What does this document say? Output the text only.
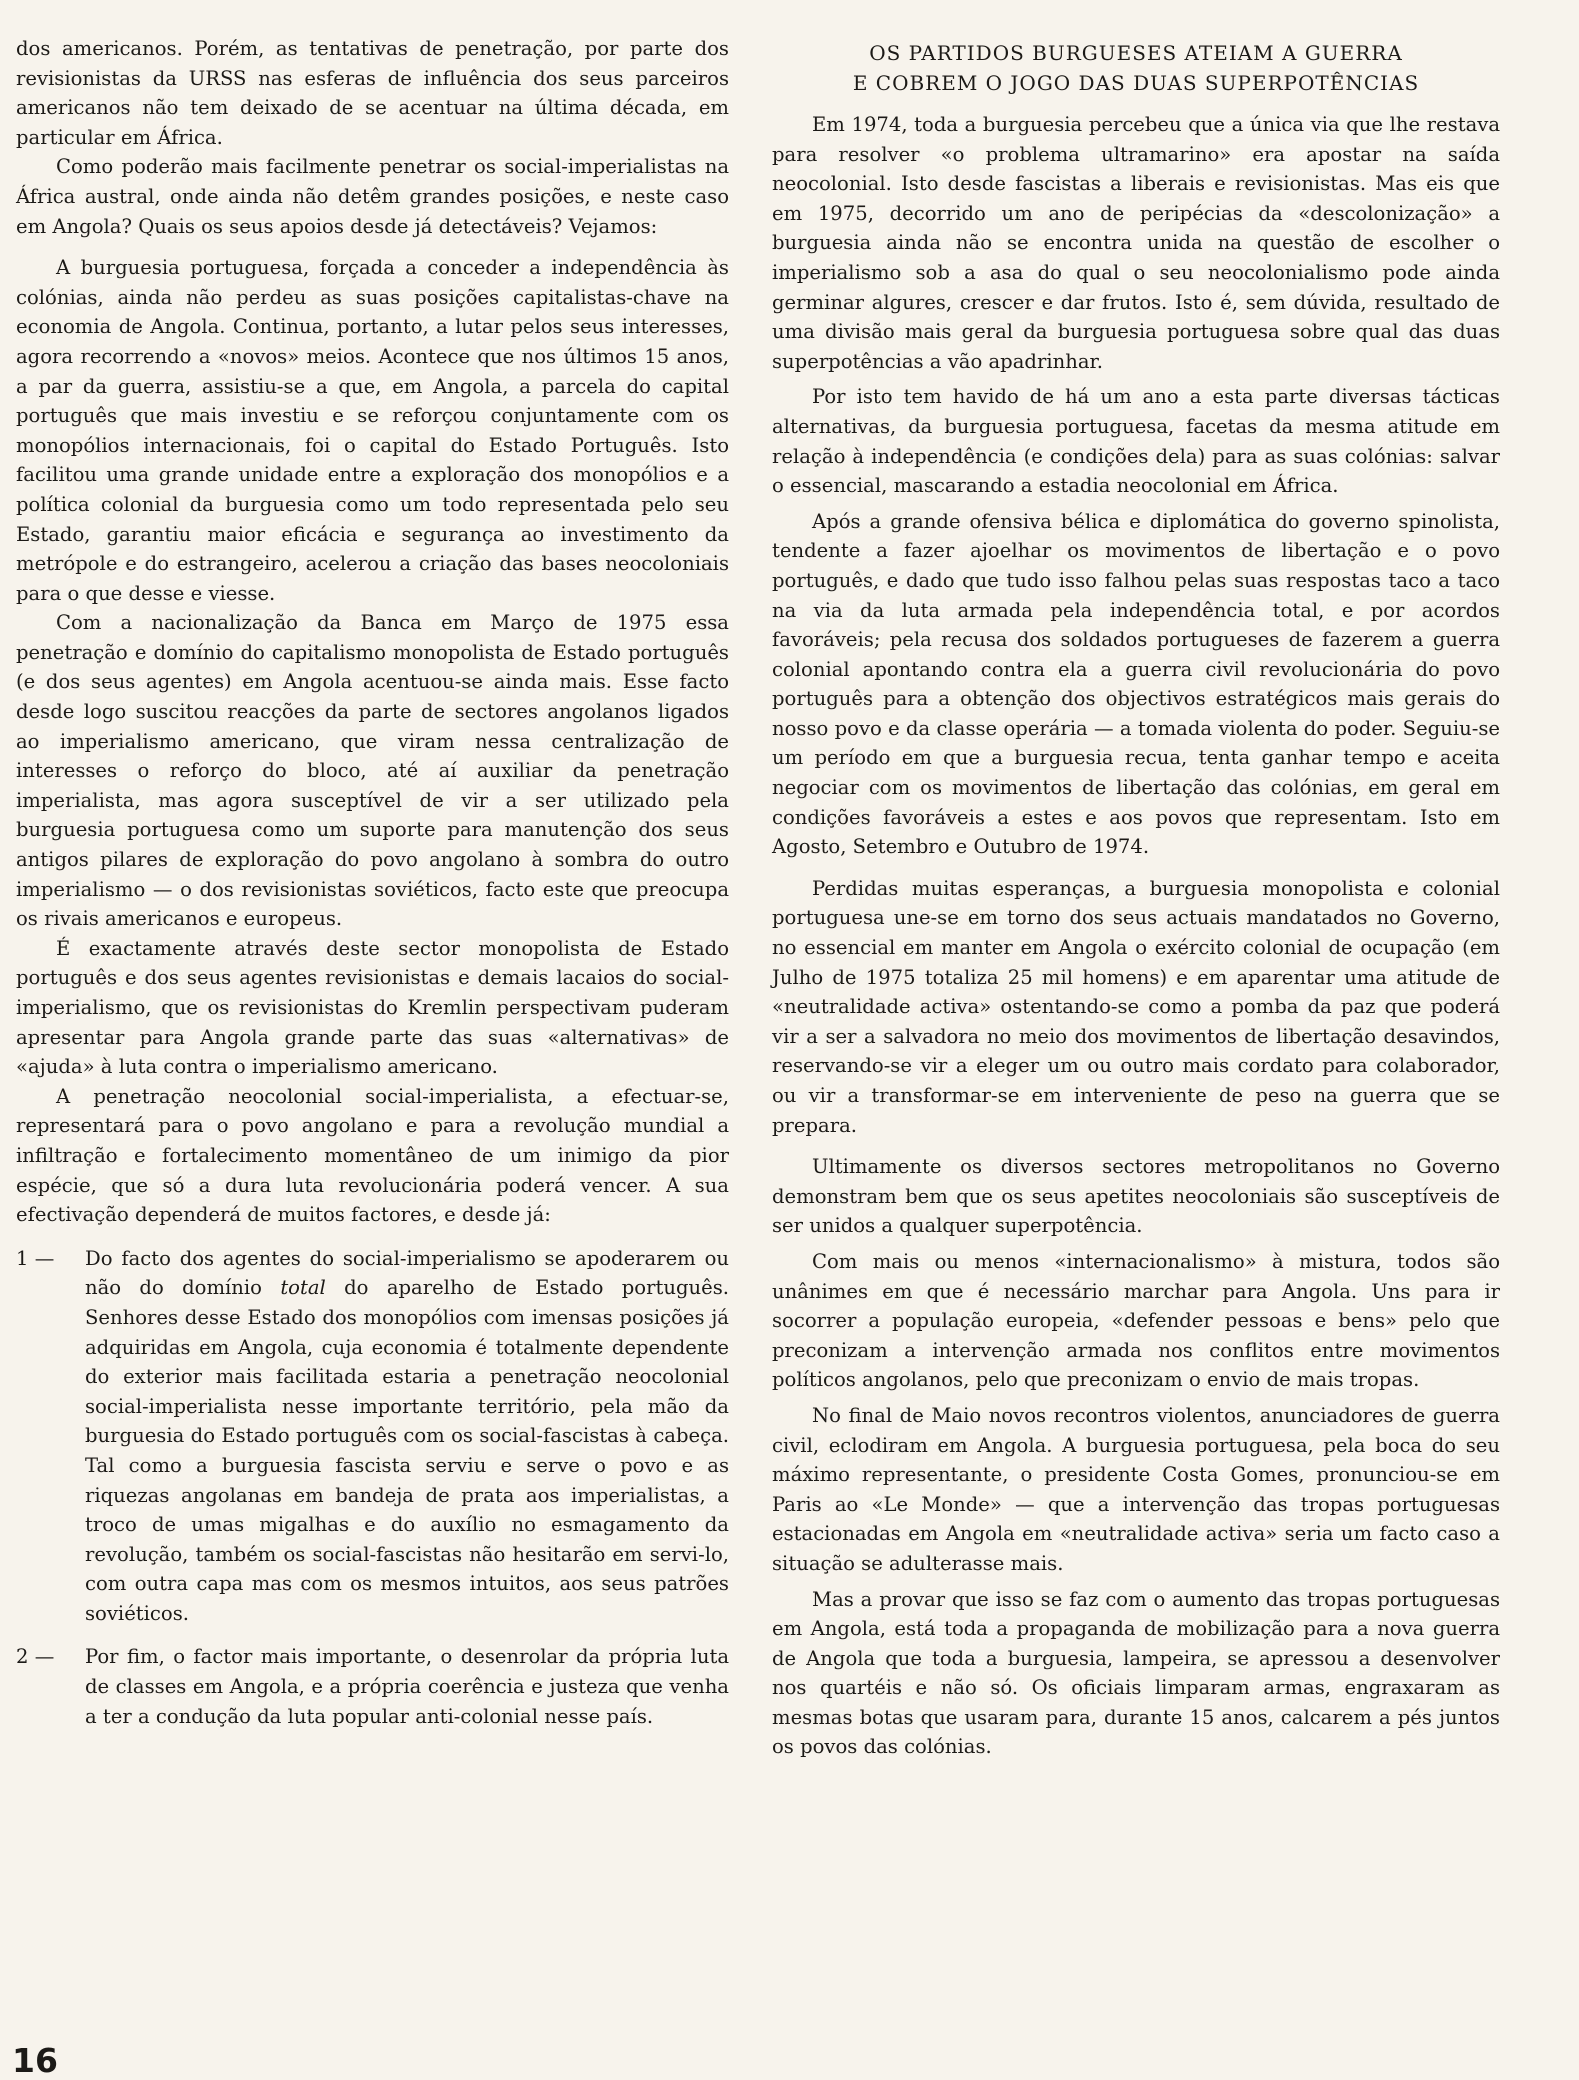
dos americanos. Porém, as tentativas de penetração, por parte dos revisionistas da URSS nas esferas de influência dos seus parceiros americanos não tem deixado de se acentuar na última década, em particular em África.

Como poderão mais facilmente penetrar os social-imperialistas na África austral, onde ainda não detêm grandes posições, e neste caso em Angola? Quais os seus apoios desde já detectáveis? Vejamos:

A burguesia portuguesa, forçada a conceder a independência às colónias, ainda não perdeu as suas posições capitalistas-chave na economia de Angola. Continua, portanto, a lutar pelos seus interesses, agora recorrendo a «novos» meios. Acontece que nos últimos 15 anos, a par da guerra, assistiu-se a que, em Angola, a parcela do capital português que mais investiu e se reforçou conjuntamente com os monopólios internacionais, foi o capital do Estado Português. Isto facilitou uma grande unidade entre a exploração dos monopólios e a política colonial da burguesia como um todo representada pelo seu Estado, garantiu maior eficácia e segurança ao investimento da metrópole e do estrangeiro, acelerou a criação das bases neocoloniais para o que desse e viesse.

Com a nacionalização da Banca em Março de 1975 essa penetração e domínio do capitalismo monopolista de Estado português (e dos seus agentes) em Angola acentuou-se ainda mais. Esse facto desde logo suscitou reacções da parte de sectores angolanos ligados ao imperialismo americano, que viram nessa centralização de interesses o reforço do bloco, até aí auxiliar da penetração imperialista, mas agora susceptível de vir a ser utilizado pela burguesia portuguesa como um suporte para manutenção dos seus antigos pilares de exploração do povo angolano à sombra do outro imperialismo — o dos revisionistas soviéticos, facto este que preocupa os rivais americanos e europeus.

É exactamente através deste sector monopolista de Estado português e dos seus agentes revisionistas e demais lacaios do social-imperialismo, que os revisionistas do Kremlin perspectivam puderam apresentar para Angola grande parte das suas «alternativas» de «ajuda» à luta contra o imperialismo americano.

A penetração neocolonial social-imperialista, a efectuar-se, representará para o povo angolano e para a revolução mundial a infiltração e fortalecimento momentâneo de um inimigo da pior espécie, que só a dura luta revolucionária poderá vencer. A sua efectivação dependerá de muitos factores, e desde já:

1 — Do facto dos agentes do social-imperialismo se apoderarem ou não do domínio total do aparelho de Estado português. Senhores desse Estado dos monopólios com imensas posições já adquiridas em Angola, cuja economia é totalmente dependente do exterior mais facilitada estaria a penetração neocolonial social-imperialista nesse importante território, pela mão da burguesia do Estado português com os social-fascistas à cabeça. Tal como a burguesia fascista serviu e serve o povo e as riquezas angolanas em bandeja de prata aos imperialistas, a troco de umas migalhas e do auxílio no esmagamento da revolução, também os social-fascistas não hesitarão em servi-lo, com outra capa mas com os mesmos intuitos, aos seus patrões soviéticos.

2 — Por fim, o factor mais importante, o desenrolar da própria luta de classes em Angola, e a própria coerência e justeza que venha a ter a condução da luta popular anti-colonial nesse país.

OS PARTIDOS BURGUESES ATEIAM A GUERRA
E COBREM O JOGO DAS DUAS SUPERPOTÊNCIAS

Em 1974, toda a burguesia percebeu que a única via que lhe restava para resolver «o problema ultramarino» era apostar na saída neocolonial. Isto desde fascistas a liberais e revisionistas. Mas eis que em 1975, decorrido um ano de peripécias da «descolonização» a burguesia ainda não se encontra unida na questão de escolher o imperialismo sob a asa do qual o seu neocolonialismo pode ainda germinar algures, crescer e dar frutos. Isto é, sem dúvida, resultado de uma divisão mais geral da burguesia portuguesa sobre qual das duas superpotências a vão apadrinhar.

Por isto tem havido de há um ano a esta parte diversas tácticas alternativas, da burguesia portuguesa, facetas da mesma atitude em relação à independência (e condições dela) para as suas colónias: salvar o essencial, mascarando a estadia neocolonial em África.

Após a grande ofensiva bélica e diplomática do governo spinolista, tendente a fazer ajoelhar os movimentos de libertação e o povo português, e dado que tudo isso falhou pelas suas respostas taco a taco na via da luta armada pela independência total, e por acordos favoráveis; pela recusa dos soldados portugueses de fazerem a guerra colonial apontando contra ela a guerra civil revolucionária do povo português para a obtenção dos objectivos estratégicos mais gerais do nosso povo e da classe operária — a tomada violenta do poder. Seguiu-se um período em que a burguesia recua, tenta ganhar tempo e aceita negociar com os movimentos de libertação das colónias, em geral em condições favoráveis a estes e aos povos que representam. Isto em Agosto, Setembro e Outubro de 1974.

Perdidas muitas esperanças, a burguesia monopolista e colonial portuguesa une-se em torno dos seus actuais mandatados no Governo, no essencial em manter em Angola o exército colonial de ocupação (em Julho de 1975 totaliza 25 mil homens) e em aparentar uma atitude de «neutralidade activa» ostentando-se como a pomba da paz que poderá vir a ser a salvadora no meio dos movimentos de libertação desavindos, reservando-se vir a eleger um ou outro mais cordato para colaborador, ou vir a transformar-se em interveniente de peso na guerra que se prepara.

Ultimamente os diversos sectores metropolitanos no Governo demonstram bem que os seus apetites neocoloniais são susceptíveis de ser unidos a qualquer superpotência.

Com mais ou menos «internacionalismo» à mistura, todos são unânimes em que é necessário marchar para Angola. Uns para ir socorrer a população europeia, «defender pessoas e bens» pelo que preconizam a intervenção armada nos conflitos entre movimentos políticos angolanos, pelo que preconizam o envio de mais tropas.

No final de Maio novos recontros violentos, anunciadores de guerra civil, eclodiram em Angola. A burguesia portuguesa, pela boca do seu máximo representante, o presidente Costa Gomes, pronunciou-se em Paris ao «Le Monde» — que a intervenção das tropas portuguesas estacionadas em Angola em «neutralidade activa» seria um facto caso a situação se adulterasse mais.

Mas a provar que isso se faz com o aumento das tropas portuguesas em Angola, está toda a propaganda de mobilização para a nova guerra de Angola que toda a burguesia, lampeira, se apressou a desenvolver nos quartéis e não só. Os oficiais limparam armas, engraxaram as mesmas botas que usaram para, durante 15 anos, calcarem a pés juntos os povos das colónias.

16
